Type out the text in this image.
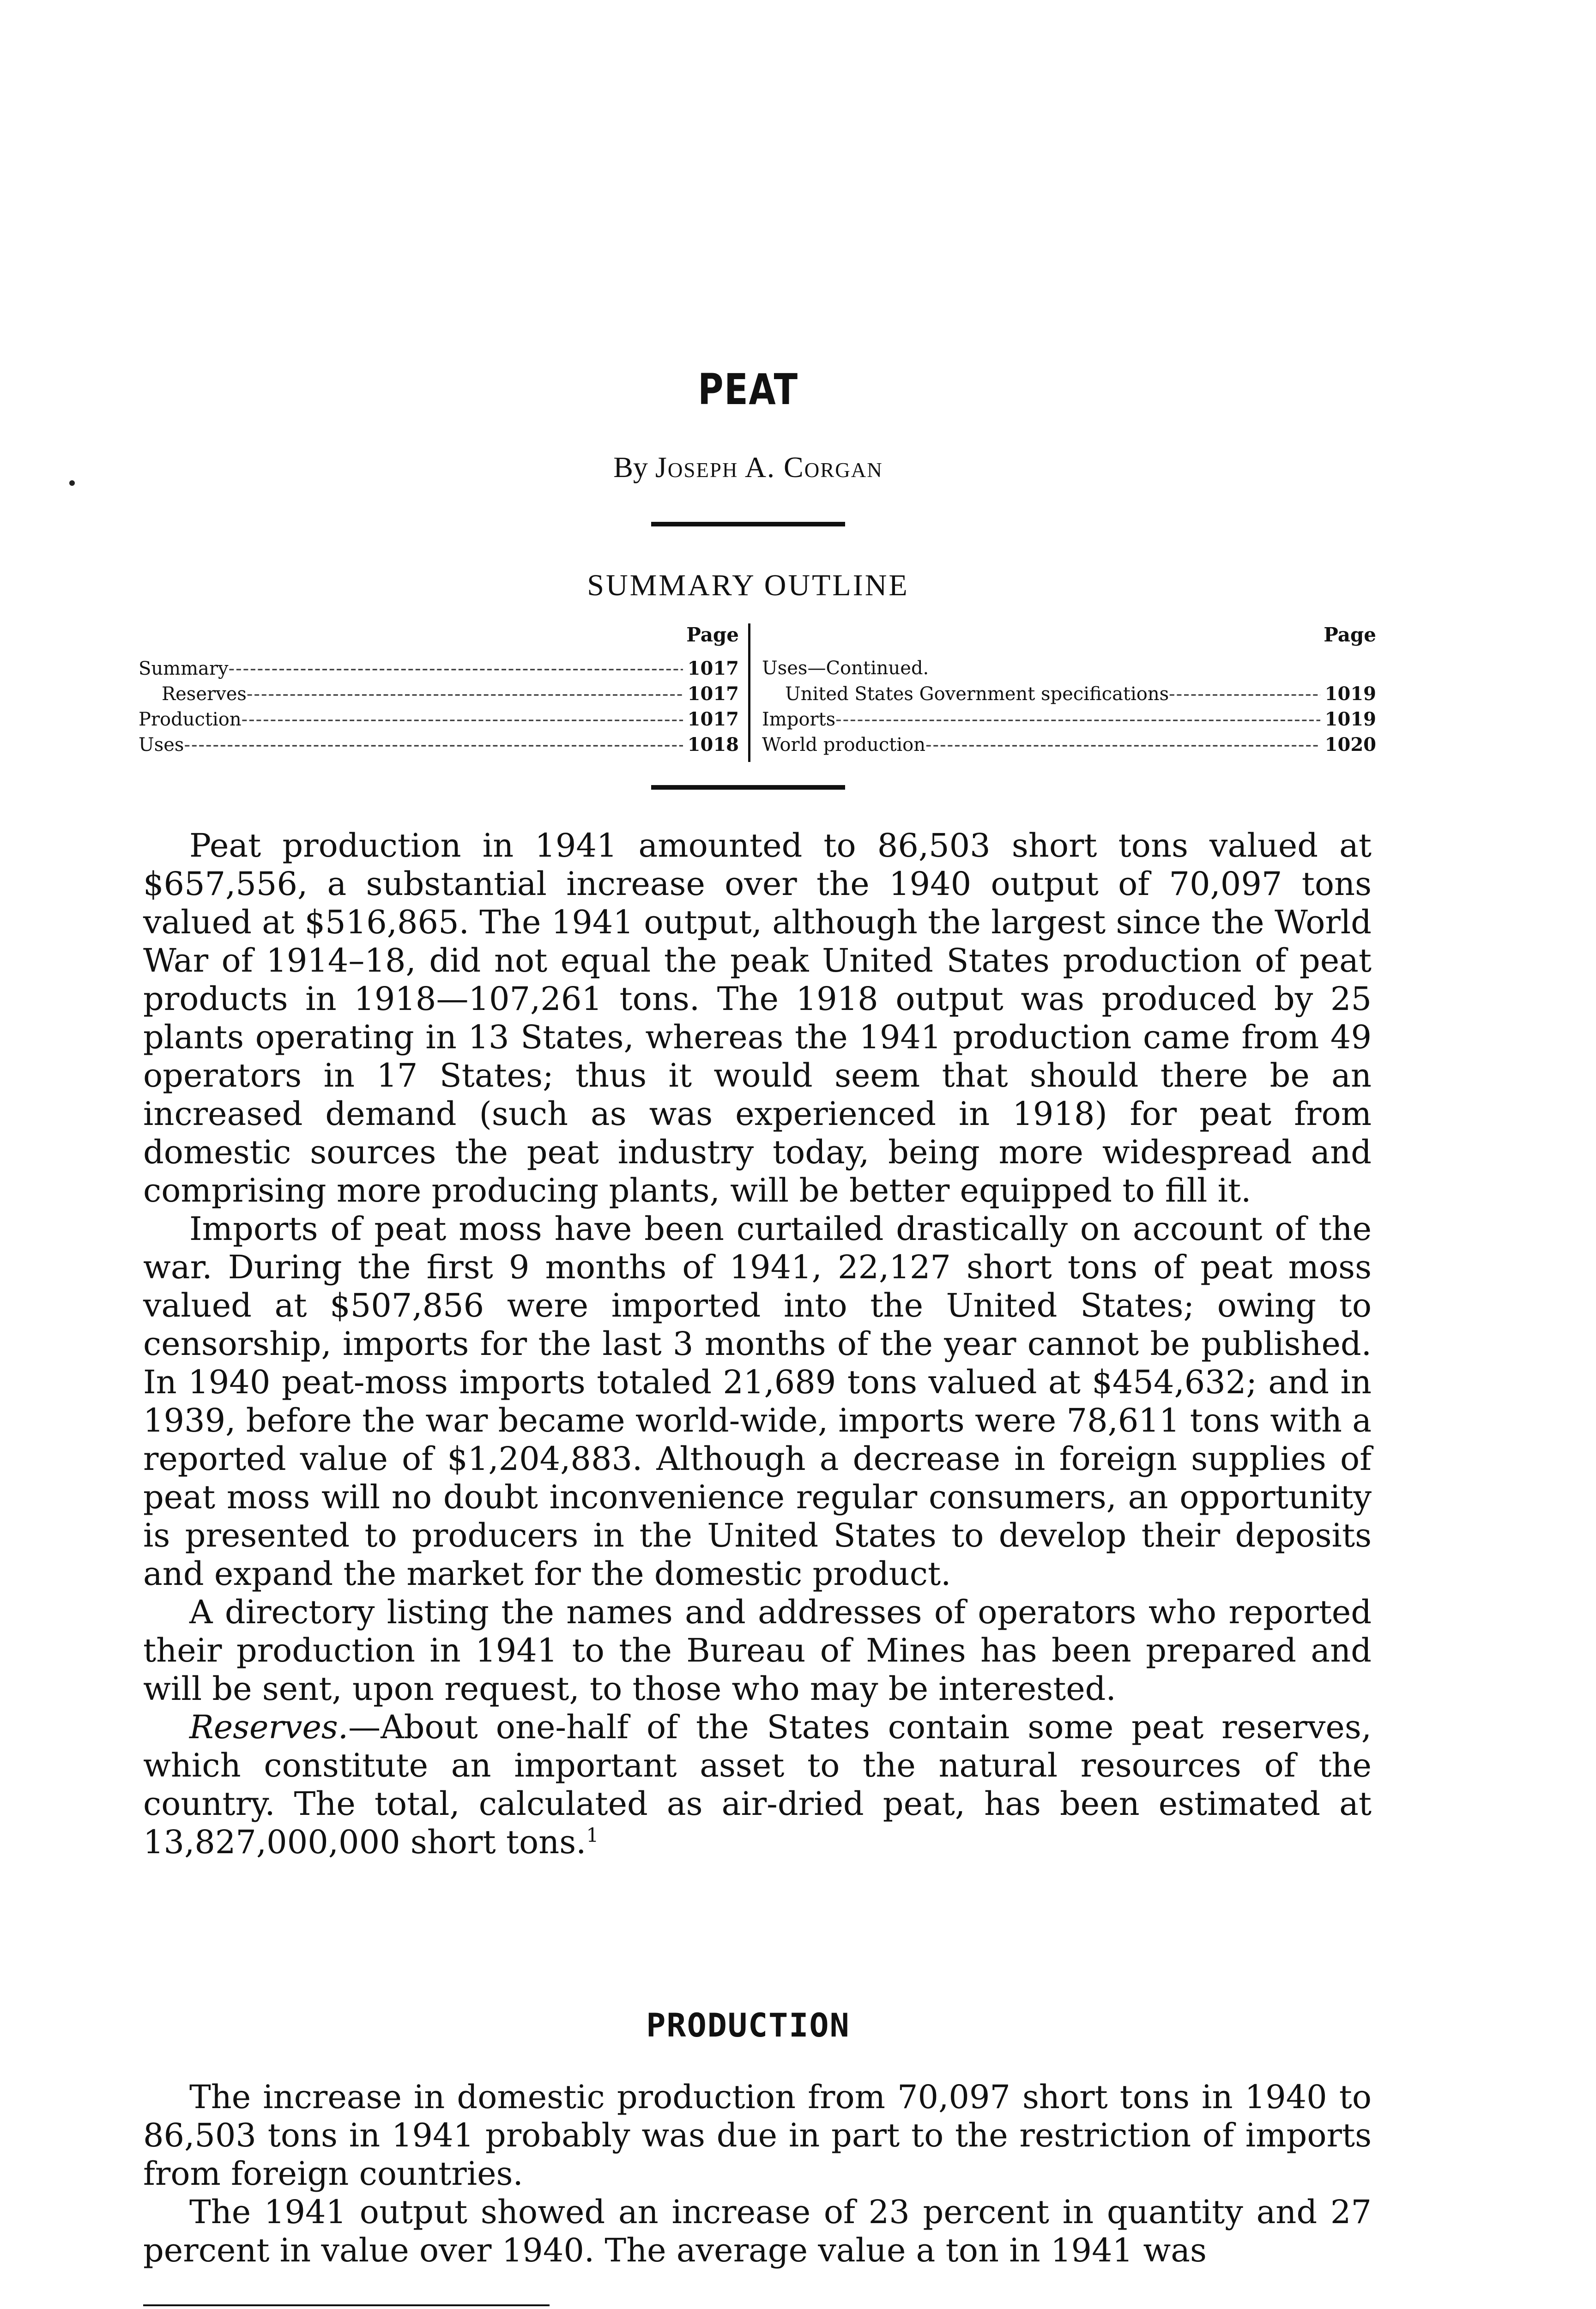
PEAT
By Joseph A. Corgan
SUMMARY OUTLINE
Page
Summary -----	1017
Reserves -----	1017
Production -----	1017
Uses -----	1018
Page
Uses—Continued.
United States Government specifications -----	1019
Imports -----	1019
World production -----	1020

Peat production in 1941 amounted to 86,503 short tons valued at $657,556, a substantial increase over the 1940 output of 70,097 tons valued at $516,865. The 1941 output, although the largest since the World War of 1914–18, did not equal the peak United States production of peat products in 1918—107,261 tons. The 1918 output was produced by 25 plants operating in 13 States, whereas the 1941 production came from 49 operators in 17 States; thus it would seem that should there be an increased demand (such as was experienced in 1918) for peat from domestic sources the peat industry today, being more widespread and comprising more producing plants, will be better equipped to fill it.

Imports of peat moss have been curtailed drastically on account of the war. During the first 9 months of 1941, 22,127 short tons of peat moss valued at $507,856 were imported into the United States; owing to censorship, imports for the last 3 months of the year cannot be published. In 1940 peat-moss imports totaled 21,689 tons valued at $454,632; and in 1939, before the war became world-wide, imports were 78,611 tons with a reported value of $1,204,883. Although a decrease in foreign supplies of peat moss will no doubt inconvenience regular consumers, an opportunity is presented to producers in the United States to develop their deposits and expand the market for the domestic product.

A directory listing the names and addresses of operators who reported their production in 1941 to the Bureau of Mines has been prepared and will be sent, upon request, to those who may be interested.

Reserves.—About one-half of the States contain some peat reserves, which constitute an important asset to the natural resources of the country. The total, calculated as air-dried peat, has been estimated at 13,827,000,000 short tons.$^1$

PRODUCTION

The increase in domestic production from 70,097 short tons in 1940 to 86,503 tons in 1941 probably was due in part to the restriction of imports from foreign countries.

The 1941 output showed an increase of 23 percent in quantity and 27 percent in value over 1940. The average value a ton in 1941 was
